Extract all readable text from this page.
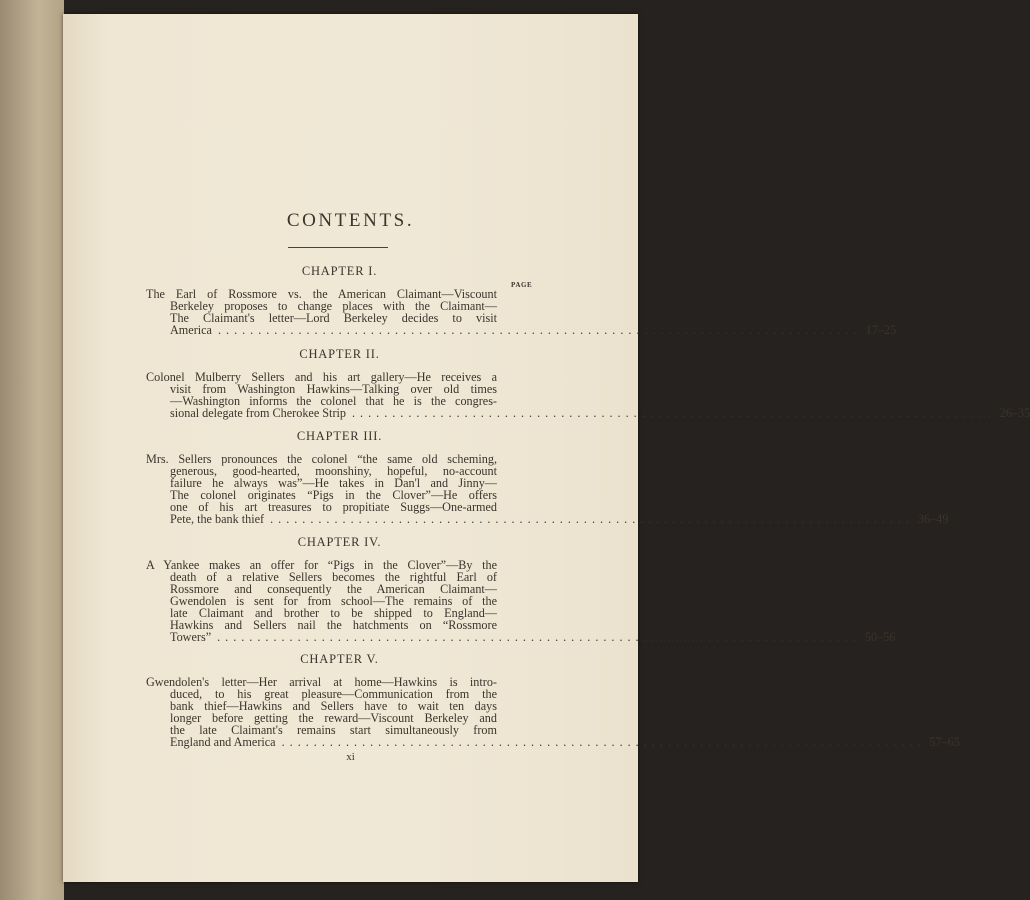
CONTENTS.
PAGE
CHAPTER I.
The Earl of Rossmore vs. the American Claimant—Viscount
Berkeley proposes to change places with the Claimant—
The Claimant's letter—Lord Berkeley decides to visit
America ................................................................................ 17–25
CHAPTER II.
Colonel Mulberry Sellers and his art gallery—He receives a
visit from Washington Hawkins—Talking over old times
—Washington informs the colonel that he is the congres-
sional delegate from Cherokee Strip ................................................................................ 26–35
CHAPTER III.
Mrs. Sellers pronounces the colonel “the same old scheming,
generous, good-hearted, moonshiny, hopeful, no-account
failure he always was”—He takes in Dan'l and Jinny—
The colonel originates “Pigs in the Clover”—He offers
one of his art treasures to propitiate Suggs—One-armed
Pete, the bank thief ................................................................................ 36–49
CHAPTER IV.
A Yankee makes an offer for “Pigs in the Clover”—By the
death of a relative Sellers becomes the rightful Earl of
Rossmore and consequently the American Claimant—
Gwendolen is sent for from school—The remains of the
late Claimant and brother to be shipped to England—
Hawkins and Sellers nail the hatchments on “Rossmore
Towers” ................................................................................ 50–56
CHAPTER V.
Gwendolen's letter—Her arrival at home—Hawkins is intro-
duced, to his great pleasure—Communication from the
bank thief—Hawkins and Sellers have to wait ten days
longer before getting the reward—Viscount Berkeley and
the late Claimant's remains start simultaneously from
England and America ................................................................................ 57–65
xi
